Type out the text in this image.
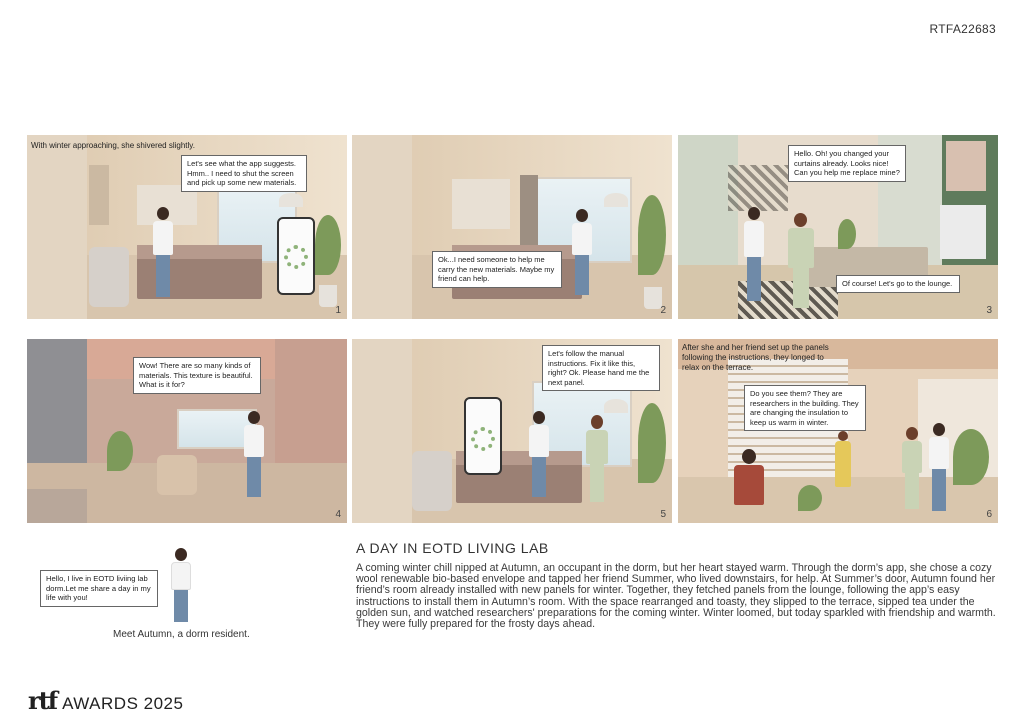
RTFA22683
With winter approaching, she shivered slightly.
Let's see what the app suggests. Hmm.. I need to shut the screen and pick up some new materials.
1
Ok...I need someone to help me carry the new materials. Maybe my friend can help.
2
Hello. Oh! you changed your curtains already. Looks nice! Can you help me replace mine?
Of course! Let's go to the lounge.
3
Wow! There are so many kinds of materials. This texture is beautiful. What is it for?
4
Let's follow the manual instructions. Fix it like this, right? Ok. Please hand me the next panel.
5
After she and her friend set up the panels following the instructions, they longed to relax on the terrace.
Do you see them? They are researchers in the building. They are changing the insulation to keep us warm in winter.
6
Hello, I live in EOTD liviing lab dorm.Let me share a day in my life with you!
Meet Autumn, a dorm resident.
A DAY IN EOTD LIVING LAB
A coming winter chill nipped at Autumn, an occupant in the dorm, but her heart stayed warm. Through the dorm’s app, she chose a cozy wool renewable bio-based envelope and tapped her friend Summer, who lived downstairs, for help. At Summer’s door, Autumn found her friend’s room already installed with new panels for winter. Together, they fetched panels from the lounge, following the app’s easy instructions to install them in Autumn’s room. With the space rearranged and toasty, they slipped to the terrace, sipped tea under the golden sun, and watched researchers' preparations for the coming winter. Winter loomed, but today sparkled with friendship and warmth. They were fully prepared for the frosty days ahead.
rtf AWARDS 2025
